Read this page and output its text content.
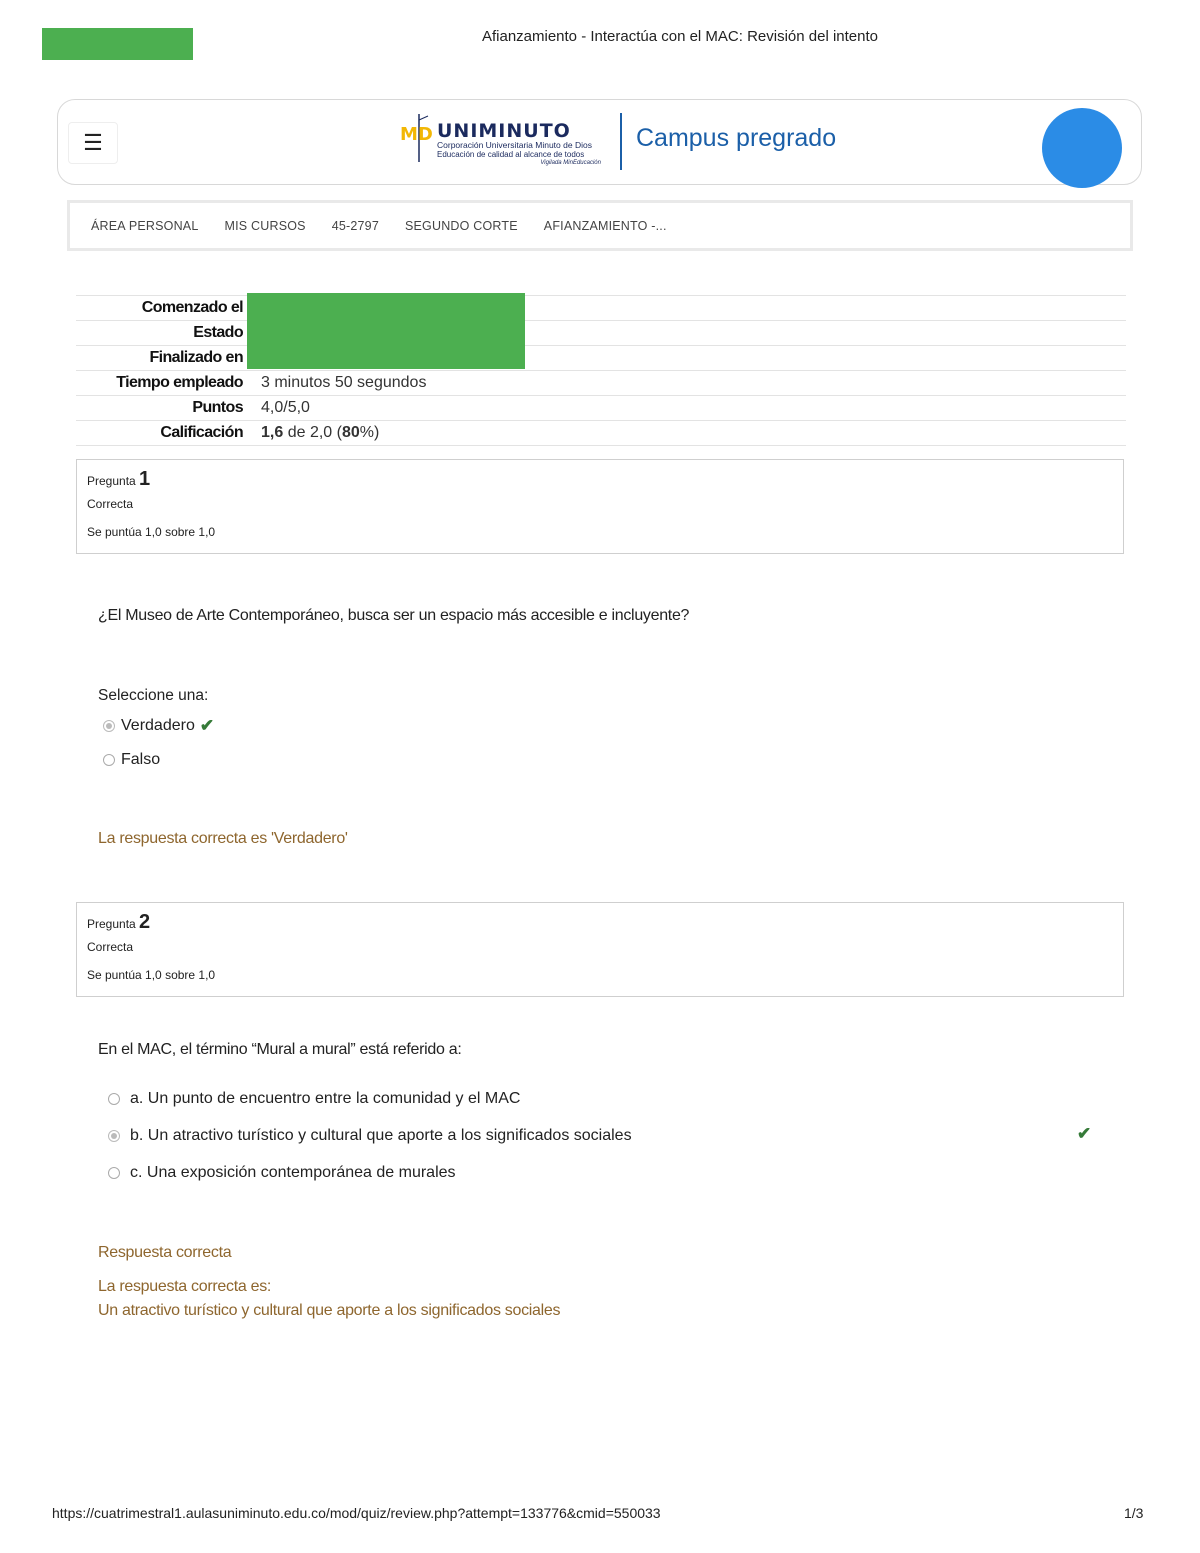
Afianzamiento - Interactúa con el MAC: Revisión del intento
☰	MD UNIMINUTO
Corporación Universitaria Minuto de Dios
Educación de calidad al alcance de todos
Vigilada MinEducación
Campus pregrado
ÁREA PERSONAL MIS CURSOS 45-2797 SEGUNDO CORTE AFIANZAMIENTO -...
Comenzado el
Estado
Finalizado en
Tiempo empleado 3 minutos 50 segundos
Puntos 4,0/5,0
Calificación 1,6 de 2,0 (80%)
Pregunta 1
Correcta
Se puntúa 1,0 sobre 1,0
¿El Museo de Arte Contemporáneo, busca ser un espacio más accesible e incluyente?
Seleccione una:
Verdadero ✔
Falso
La respuesta correcta es 'Verdadero'
Pregunta 2
Correcta
Se puntúa 1,0 sobre 1,0
En el MAC, el término “Mural a mural” está referido a:
a. Un punto de encuentro entre la comunidad y el MAC
b. Un atractivo turístico y cultural que aporte a los significados sociales	✔
c. Una exposición contemporánea de murales
Respuesta correcta
La respuesta correcta es:
Un atractivo turístico y cultural que aporte a los significados sociales
https://cuatrimestral1.aulasuniminuto.edu.co/mod/quiz/review.php?attempt=133776&cmid=550033	1/3
